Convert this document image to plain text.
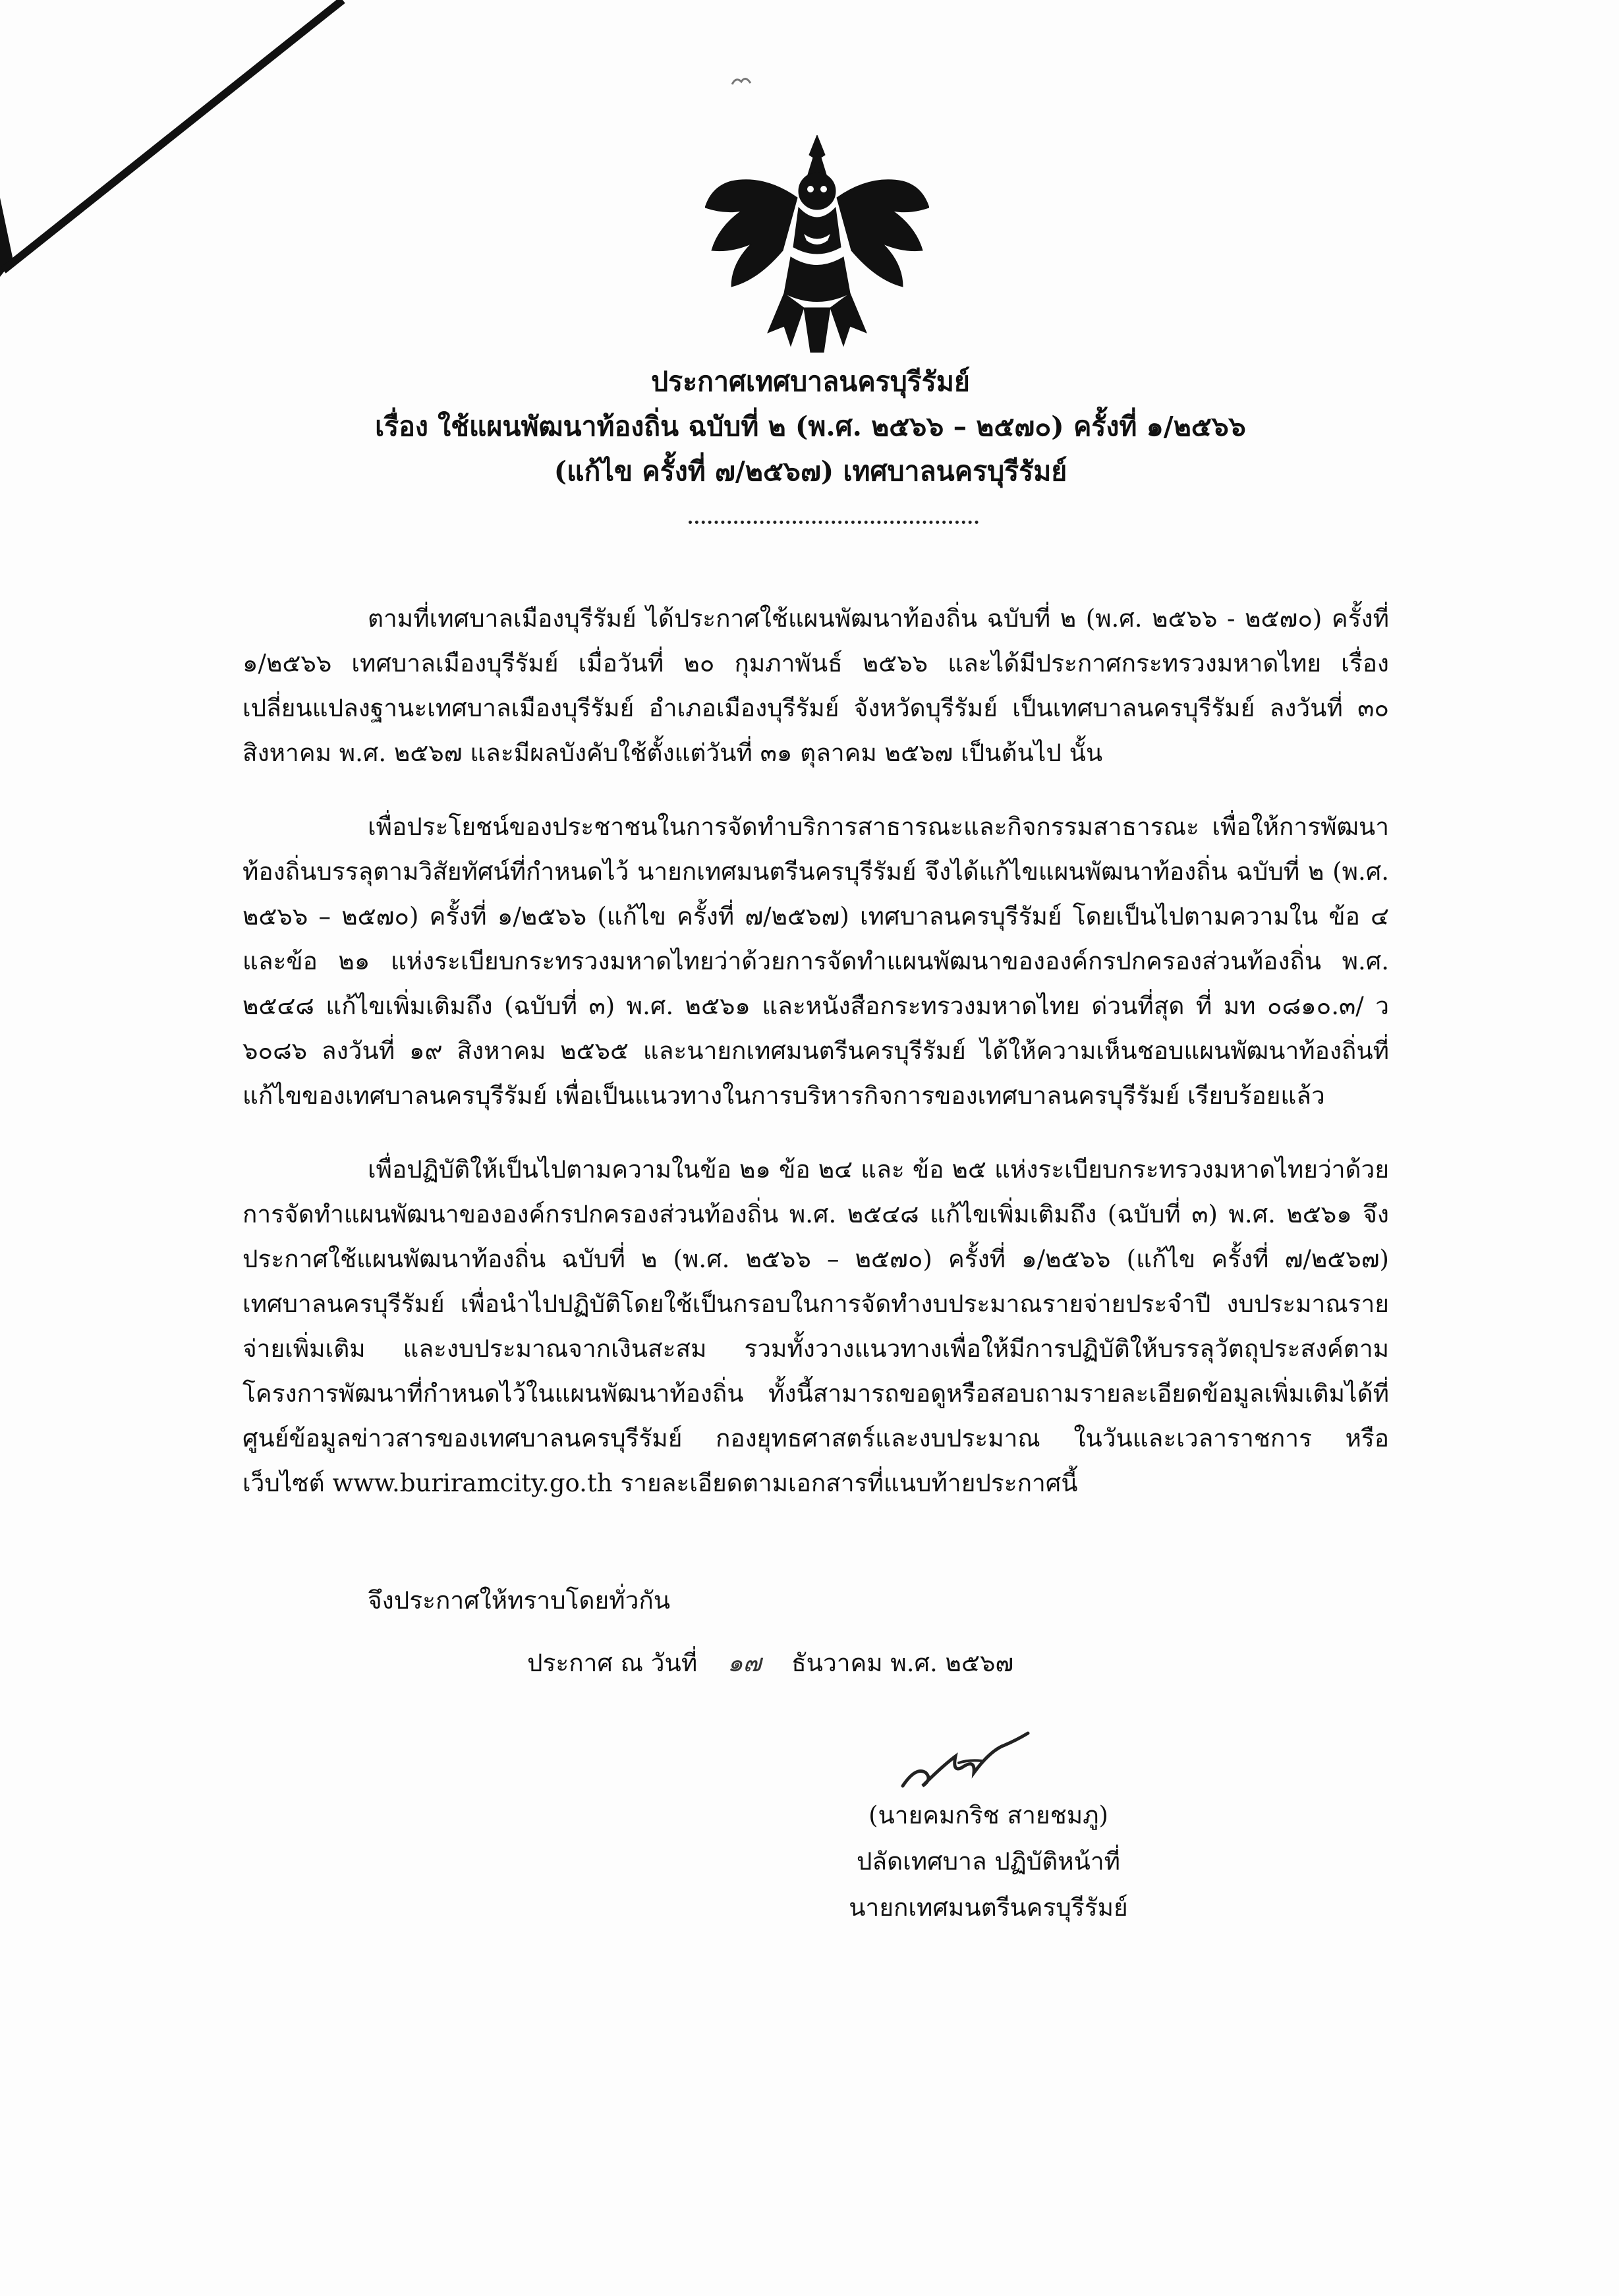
ประกาศเทศบาลนครบุรีรัมย์
เรื่อง ใช้แผนพัฒนาท้องถิ่น ฉบับที่ ๒ (พ.ศ. ๒๕๖๖ – ๒๕๗๐) ครั้งที่ ๑/๒๕๖๖
(แก้ไข ครั้งที่ ๗/๒๕๖๗) เทศบาลนครบุรีรัมย์

ตามที่เทศบาลเมืองบุรีรัมย์ ได้ประกาศใช้แผนพัฒนาท้องถิ่น ฉบับที่ ๒ (พ.ศ. ๒๕๖๖ - ๒๕๗๐) ครั้งที่ ๑/๒๕๖๖ เทศบาลเมืองบุรีรัมย์ เมื่อวันที่ ๒๐ กุมภาพันธ์ ๒๕๖๖ และได้มีประกาศกระทรวงมหาดไทย เรื่อง เปลี่ยนแปลงฐานะเทศบาลเมืองบุรีรัมย์ อำเภอเมืองบุรีรัมย์ จังหวัดบุรีรัมย์ เป็นเทศบาลนครบุรีรัมย์ ลงวันที่ ๓๐ สิงหาคม พ.ศ. ๒๕๖๗ และมีผลบังคับใช้ตั้งแต่วันที่ ๓๑ ตุลาคม ๒๕๖๗ เป็นต้นไป นั้น

เพื่อประโยชน์ของประชาชนในการจัดทำบริการสาธารณะและกิจกรรมสาธารณะ เพื่อให้การพัฒนาท้องถิ่นบรรลุตามวิสัยทัศน์ที่กำหนดไว้ นายกเทศมนตรีนครบุรีรัมย์ จึงได้แก้ไขแผนพัฒนาท้องถิ่น ฉบับที่ ๒ (พ.ศ. ๒๕๖๖ – ๒๕๗๐) ครั้งที่ ๑/๒๕๖๖ (แก้ไข ครั้งที่ ๗/๒๕๖๗) เทศบาลนครบุรีรัมย์ โดยเป็นไปตามความใน ข้อ ๔ และข้อ ๒๑ แห่งระเบียบกระทรวงมหาดไทยว่าด้วยการจัดทำแผนพัฒนาขององค์กรปกครองส่วนท้องถิ่น พ.ศ. ๒๕๔๘ แก้ไขเพิ่มเติมถึง (ฉบับที่ ๓) พ.ศ. ๒๕๖๑ และหนังสือกระทรวงมหาดไทย ด่วนที่สุด ที่ มท ๐๘๑๐.๓/ ว ๖๐๘๖ ลงวันที่ ๑๙ สิงหาคม ๒๕๖๕ และนายกเทศมนตรีนครบุรีรัมย์ ได้ให้ความเห็นชอบแผนพัฒนาท้องถิ่นที่แก้ไขของเทศบาลนครบุรีรัมย์ เพื่อเป็นแนวทางในการบริหารกิจการของเทศบาลนครบุรีรัมย์ เรียบร้อยแล้ว

เพื่อปฏิบัติให้เป็นไปตามความในข้อ ๒๑ ข้อ ๒๔ และ ข้อ ๒๕ แห่งระเบียบกระทรวงมหาดไทยว่าด้วยการจัดทำแผนพัฒนาขององค์กรปกครองส่วนท้องถิ่น พ.ศ. ๒๕๔๘ แก้ไขเพิ่มเติมถึง (ฉบับที่ ๓) พ.ศ. ๒๕๖๑ จึงประกาศใช้แผนพัฒนาท้องถิ่น ฉบับที่ ๒ (พ.ศ. ๒๕๖๖ – ๒๕๗๐) ครั้งที่ ๑/๒๕๖๖ (แก้ไข ครั้งที่ ๗/๒๕๖๗) เทศบาลนครบุรีรัมย์ เพื่อนำไปปฏิบัติโดยใช้เป็นกรอบในการจัดทำงบประมาณรายจ่ายประจำปี งบประมาณรายจ่ายเพิ่มเติม และงบประมาณจากเงินสะสม รวมทั้งวางแนวทางเพื่อให้มีการปฏิบัติให้บรรลุวัตถุประสงค์ตามโครงการพัฒนาที่กำหนดไว้ในแผนพัฒนาท้องถิ่น ทั้งนี้สามารถขอดูหรือสอบถามรายละเอียดข้อมูลเพิ่มเติมได้ที่ ศูนย์ข้อมูลข่าวสารของเทศบาลนครบุรีรัมย์ กองยุทธศาสตร์และงบประมาณ ในวันและเวลาราชการ หรือเว็บไซต์ www.buriramcity.go.th รายละเอียดตามเอกสารที่แนบท้ายประกาศนี้

จึงประกาศให้ทราบโดยทั่วกัน
ประกาศ ณ วันที่ ๑๗ ธันวาคม พ.ศ. ๒๕๖๗
(นายคมกริช สายชมภู)
ปลัดเทศบาล ปฏิบัติหน้าที่
นายกเทศมนตรีนครบุรีรัมย์
